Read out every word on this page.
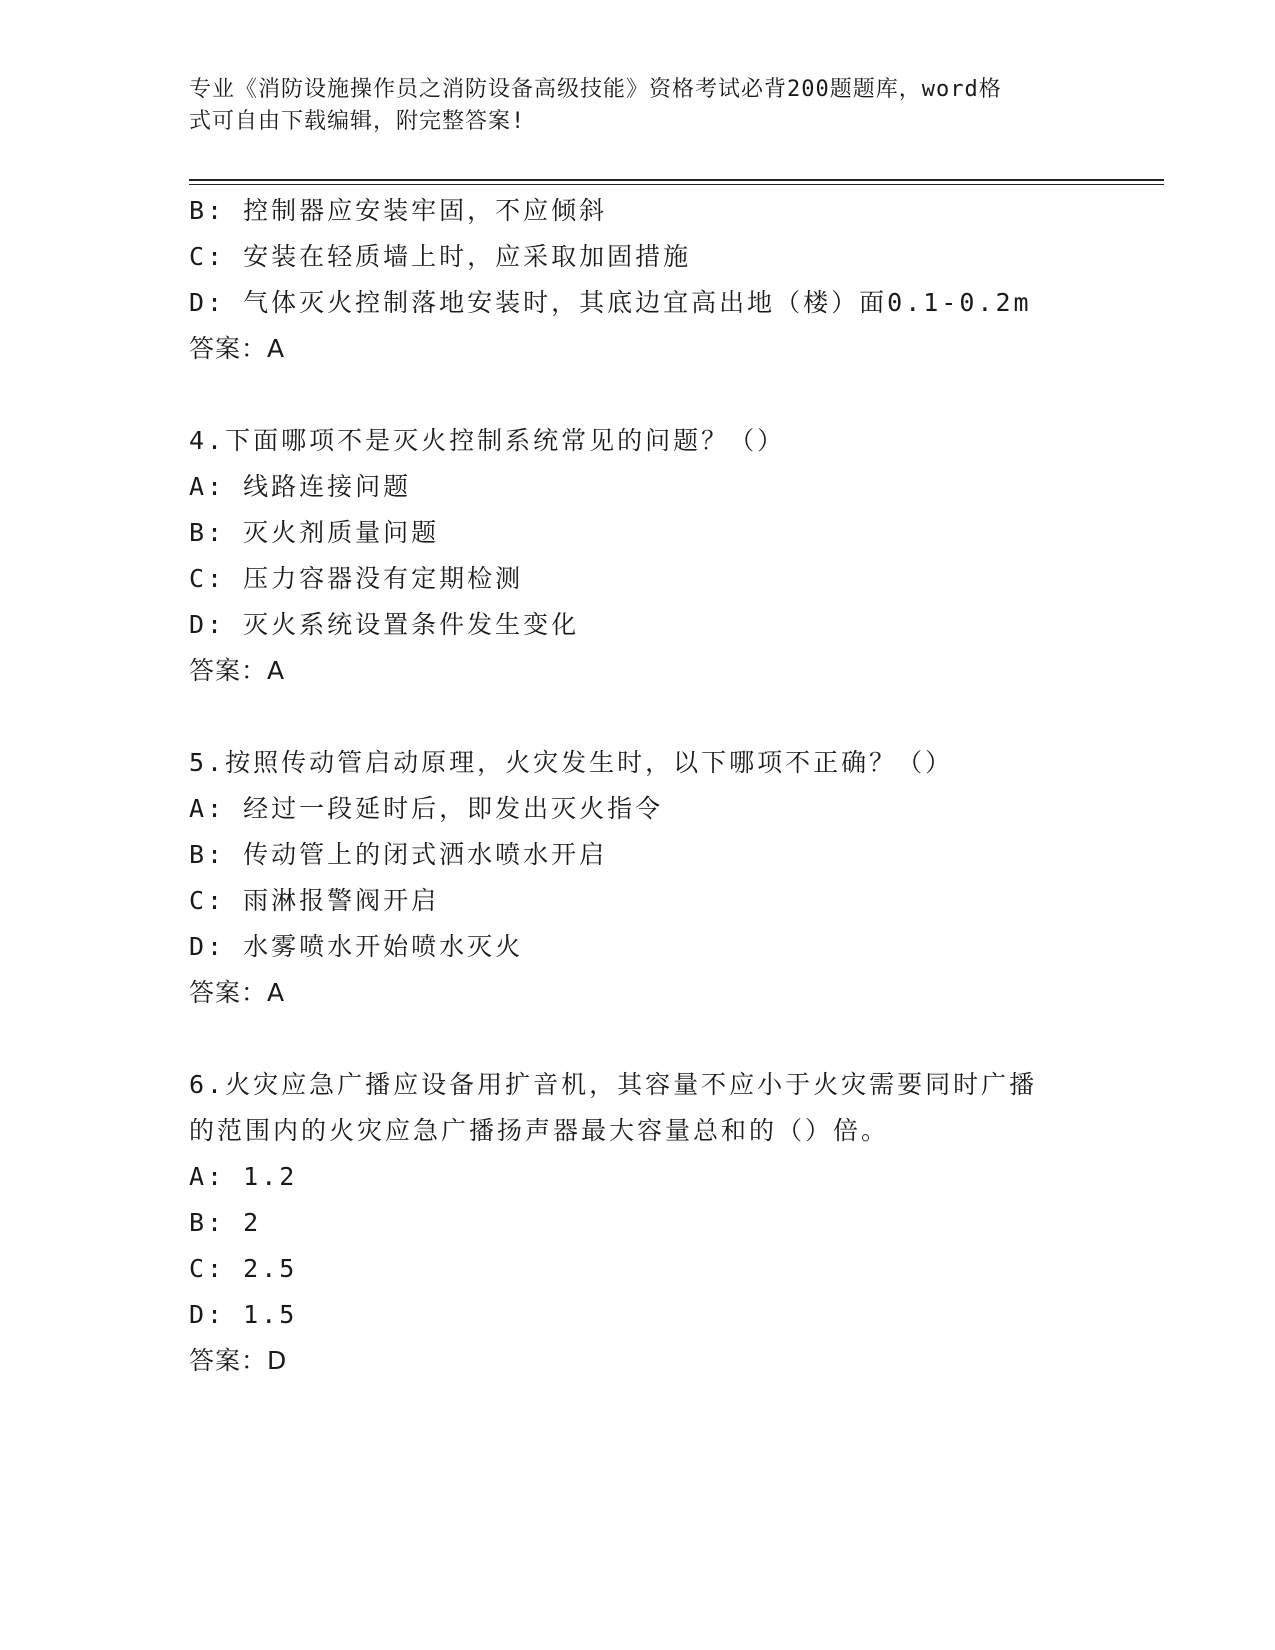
专业《消防设施操作员之消防设备高级技能》资格考试必背200题题库，word格
式可自由下载编辑，附完整答案!
B: 控制器应安装牢固，不应倾斜
C: 安装在轻质墙上时，应采取加固措施
D: 气体灭火控制落地安装时，其底边宜高出地（楼）面0.1-0.2m
答案：A
4.下面哪项不是灭火控制系统常见的问题？（）
A: 线路连接问题
B: 灭火剂质量问题
C: 压力容器没有定期检测
D: 灭火系统设置条件发生变化
答案：A
5.按照传动管启动原理，火灾发生时，以下哪项不正确？（）
A: 经过一段延时后，即发出灭火指令
B: 传动管上的闭式洒水喷水开启
C: 雨淋报警阀开启
D: 水雾喷水开始喷水灭火
答案：A
6.火灾应急广播应设备用扩音机，其容量不应小于火灾需要同时广播
的范围内的火灾应急广播扬声器最大容量总和的（）倍。
A: 1.2
B: 2
C: 2.5
D: 1.5
答案：D
